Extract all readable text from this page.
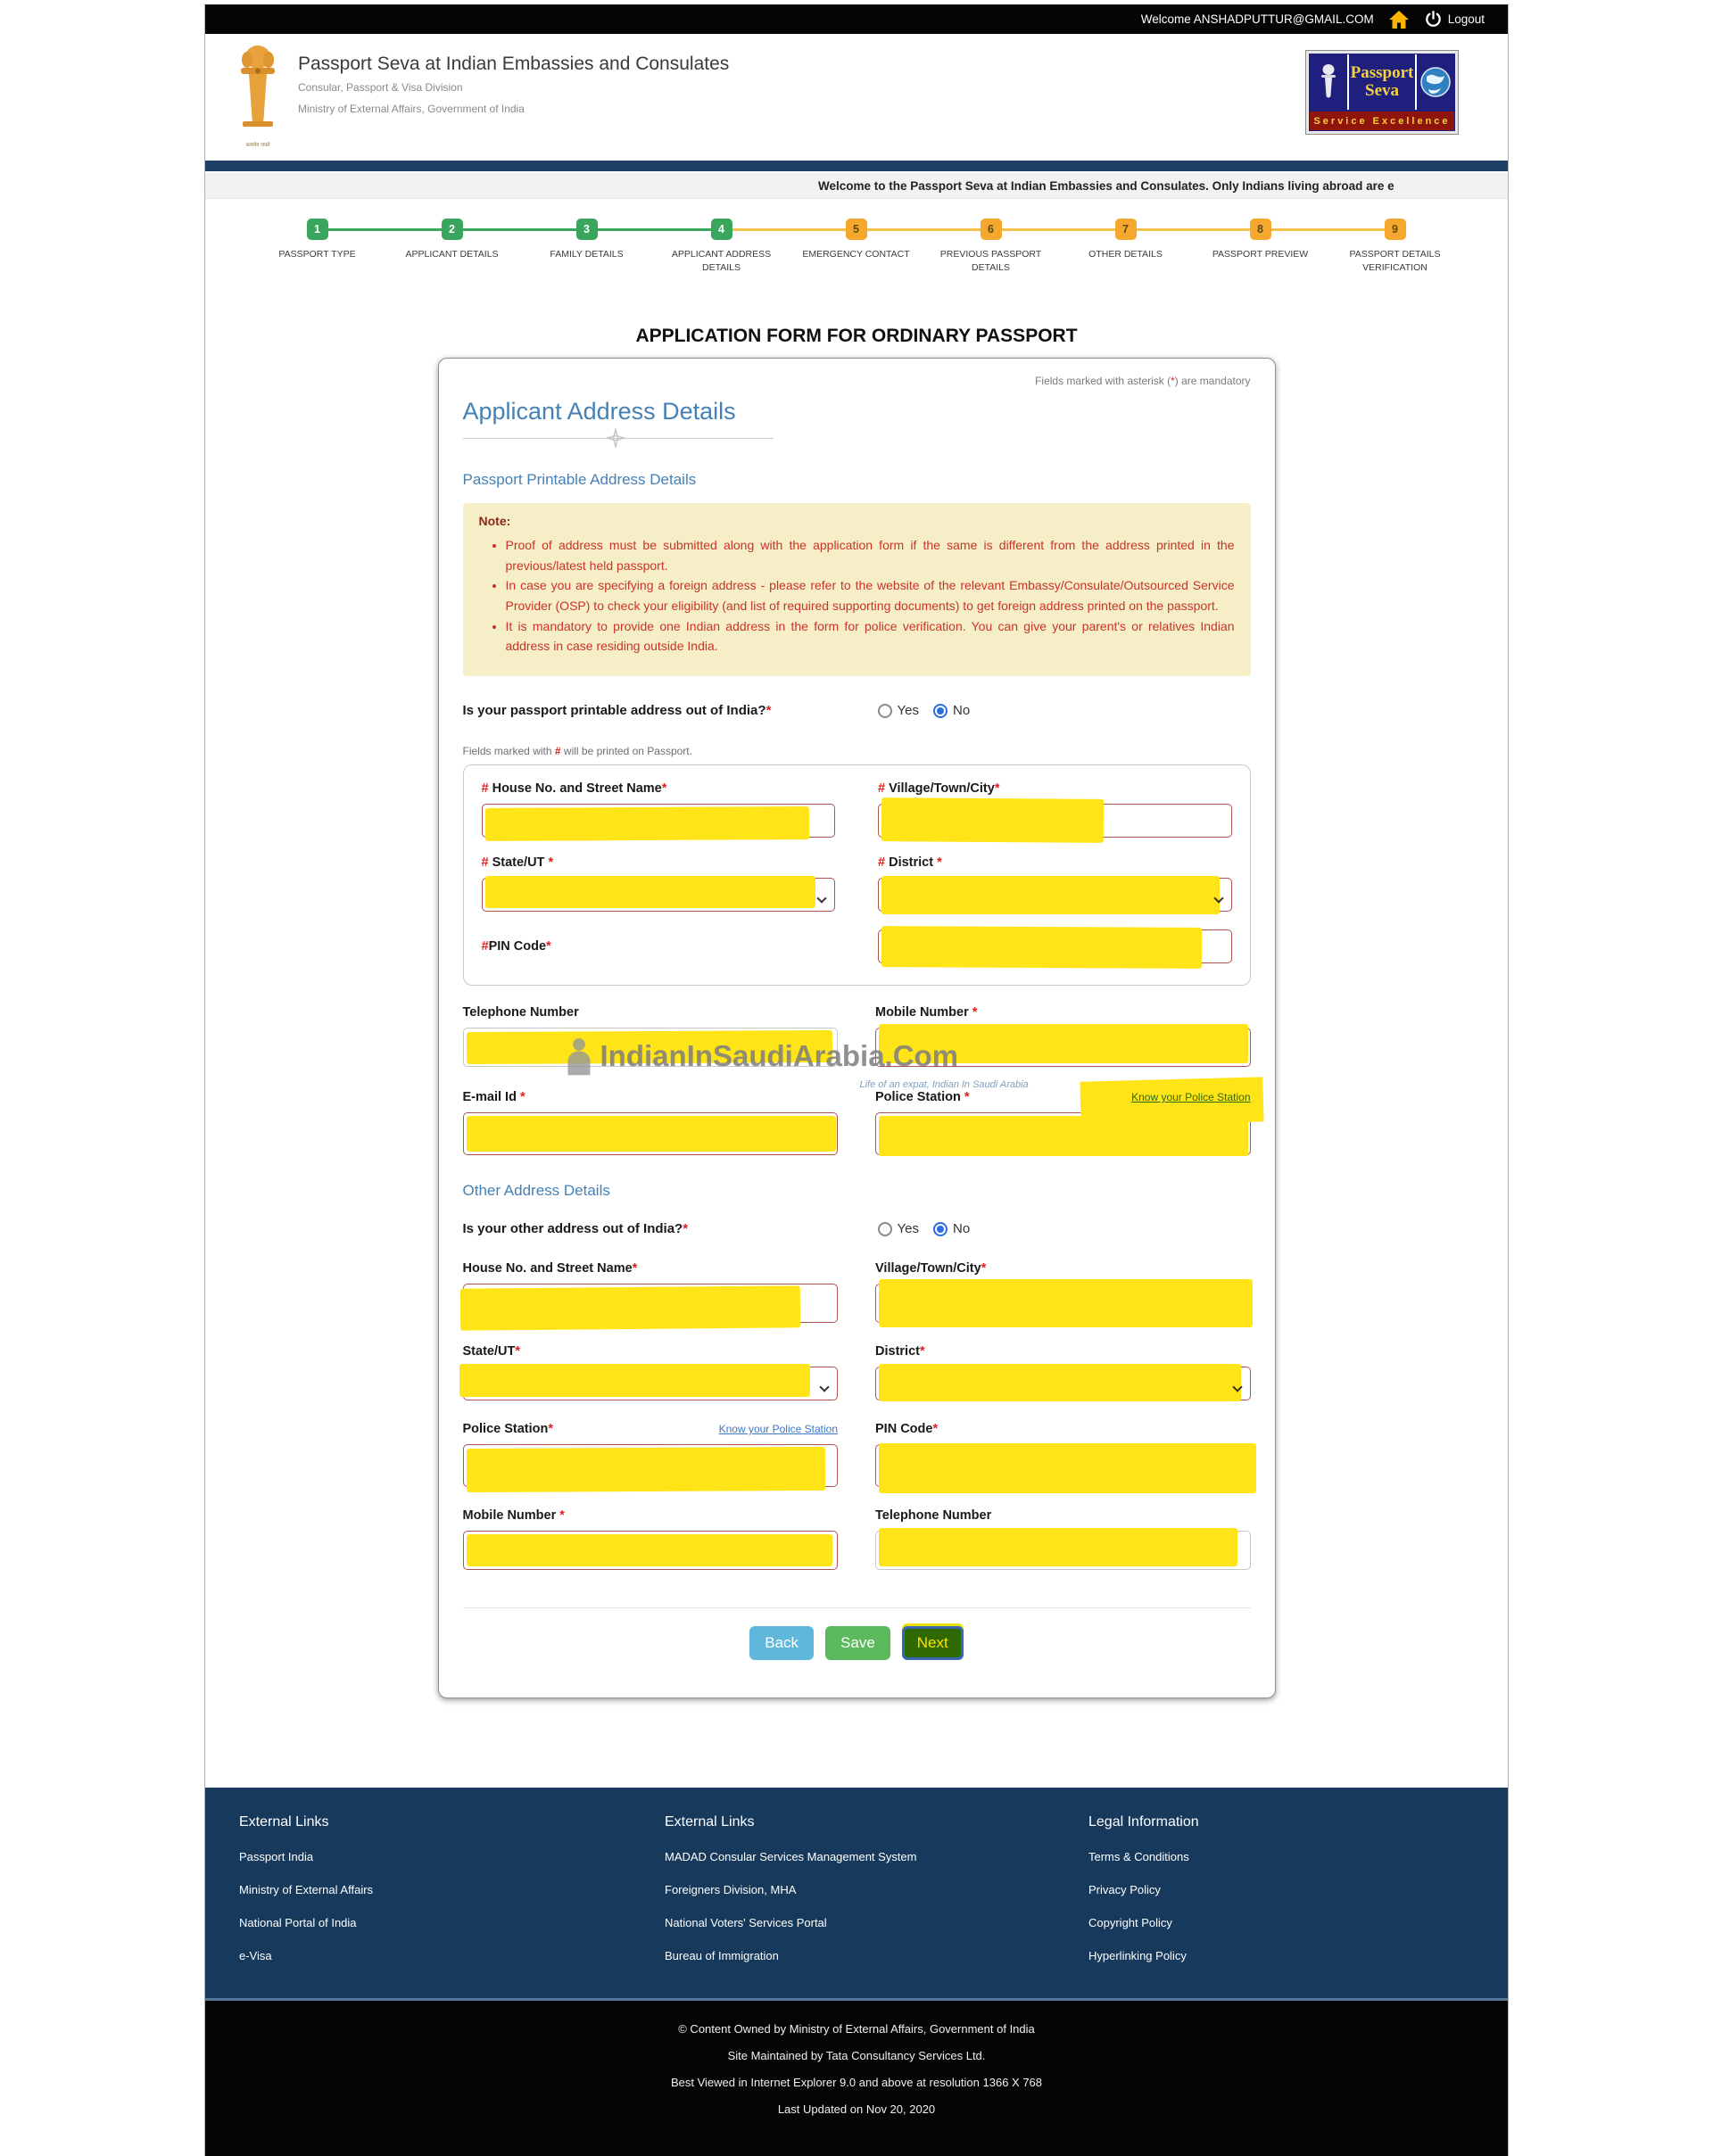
Welcome ANSHADPUTTUR@GMAIL.COM	Logout
सत्यमेव जयते
Passport Seva at Indian Embassies and Consulates
Consular, Passport & Visa Division
Ministry of External Affairs, Government of India
Passport
Seva
Service Excellence
Welcome to the Passport Seva at Indian Embassies and Consulates. Only Indians living abroad are e
1
PASSPORT TYPE
2
APPLICANT DETAILS
3
FAMILY DETAILS
4
APPLICANT ADDRESS DETAILS
5
EMERGENCY CONTACT
6
PREVIOUS PASSPORT DETAILS
7
OTHER DETAILS
8
PASSPORT PREVIEW
9
PASSPORT DETAILS VERIFICATION
APPLICATION FORM FOR ORDINARY PASSPORT
Fields marked with asterisk (*) are mandatory
Applicant Address Details
Passport Printable Address Details
Note:
• Proof of address must be submitted along with the application form if the same is different from the address printed in the previous/latest held passport.
• In case you are specifying a foreign address - please refer to the website of the relevant Embassy/Consulate/Outsourced Service Provider (OSP) to check your eligibility (and list of required supporting documents) to get foreign address printed on the passport.
• It is mandatory to provide one Indian address in the form for police verification. You can give your parent's or relatives Indian address in case residing outside India.
Is your passport printable address out of India?*	Yes	No
Fields marked with # will be printed on Passport.
# House No. and Street Name*	# Village/Town/City*
# State/UT *	# District *
#PIN Code*
Telephone Number	Mobile Number *
E-mail Id *	Police Station *	Know your Police Station
Other Address Details
Is your other address out of India?*	Yes	No
House No. and Street Name*	Village/Town/City*
State/UT*	District*
Police Station*	Know your Police Station	PIN Code*
Mobile Number *	Telephone Number
Back	Save	Next
IndianInSaudiArabia.Com
Life of an expat, Indian In Saudi Arabia
External Links
Passport India
Ministry of External Affairs
National Portal of India
e-Visa
External Links
MADAD Consular Services Management System
Foreigners Division, MHA
National Voters' Services Portal
Bureau of Immigration
Legal Information
Terms & Conditions
Privacy Policy
Copyright Policy
Hyperlinking Policy
© Content Owned by Ministry of External Affairs, Government of India
Site Maintained by Tata Consultancy Services Ltd.
Best Viewed in Internet Explorer 9.0 and above at resolution 1366 X 768
Last Updated on Nov 20, 2020
